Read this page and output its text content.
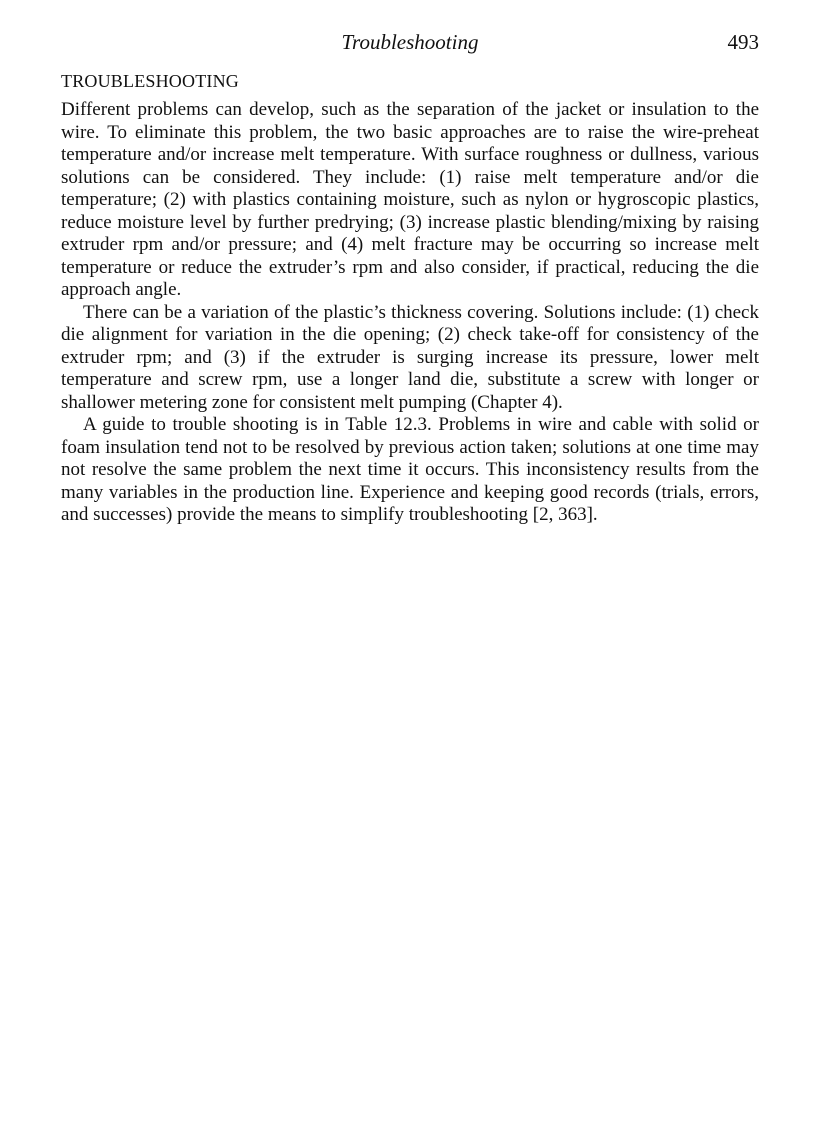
Troubleshooting	493
TROUBLESHOOTING

Different problems can develop, such as the separation of the jacket or insulation to the wire. To eliminate this problem, the two basic approaches are to raise the wire-preheat temperature and/or increase melt temperature. With surface roughness or dullness, various solutions can be considered. They include: (1) raise melt temperature and/or die temperature; (2) with plastics containing moisture, such as nylon or hygroscopic plastics, reduce moisture level by further predrying; (3) increase plastic blending/mixing by raising extruder rpm and/or pressure; and (4) melt fracture may be occurring so increase melt temperature or reduce the extruder’s rpm and also consider, if practical, reducing the die approach angle.

There can be a variation of the plastic’s thickness covering. Solutions include: (1) check die alignment for variation in the die opening; (2) check take-off for consistency of the extruder rpm; and (3) if the extruder is surging increase its pressure, lower melt temperature and screw rpm, use a longer land die, substitute a screw with longer or shallower metering zone for consistent melt pumping (Chapter 4).

A guide to trouble shooting is in Table 12.3. Problems in wire and cable with solid or foam insulation tend not to be resolved by previous action taken; solutions at one time may not resolve the same problem the next time it occurs. This inconsistency results from the many variables in the production line. Experience and keeping good records (trials, errors, and successes) provide the means to simplify troubleshooting [2, 363].
